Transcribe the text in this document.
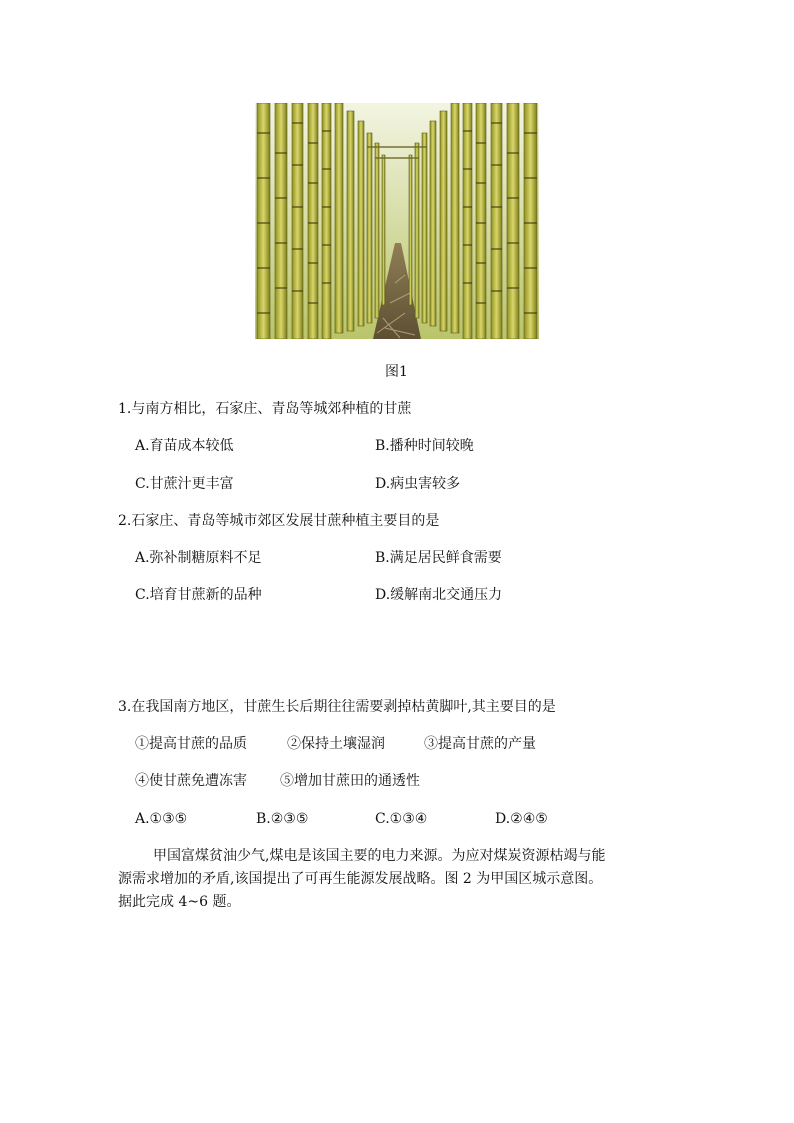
图1
1.与南方相比，石家庄、青岛等城郊种植的甘蔗
A.育苗成本较低	B.播种时间较晚
C.甘蔗汁更丰富	D.病虫害较多
2.石家庄、青岛等城市郊区发展甘蔗种植主要目的是
A.弥补制糖原料不足	B.满足居民鲜食需要
C.培育甘蔗新的品种	D.缓解南北交通压力
3.在我国南方地区，甘蔗生长后期往往需要剥掉枯黄脚叶,其主要目的是
①提高甘蔗的品质	②保持土壤湿润	③提高甘蔗的产量
④使甘蔗免遭冻害 ⑤增加甘蔗田的通透性
A.①③⑤	B.②③⑤	C.①③④	D.②④⑤
甲国富煤贫油少气,煤电是该国主要的电力来源。为应对煤炭资源枯竭与能
源需求增加的矛盾,该国提出了可再生能源发展战略。图 2 为甲国区城示意图。
据此完成 4~6 题。
